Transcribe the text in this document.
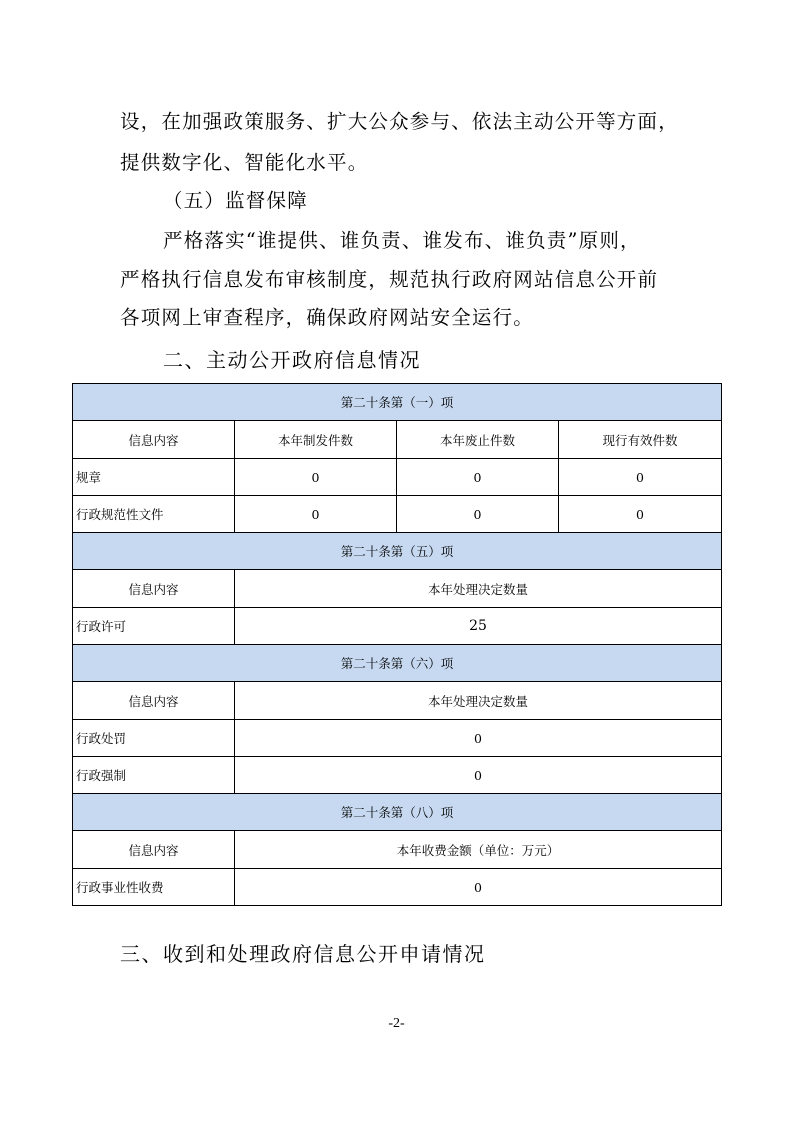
设，在加强政策服务、扩大公众参与、依法主动公开等方面，
提供数字化、智能化水平。
（五）监督保障
严格落实“谁提供、谁负责、谁发布、谁负责”原则，
严格执行信息发布审核制度，规范执行政府网站信息公开前
各项网上审查程序，确保政府网站安全运行。
二、主动公开政府信息情况
第二十条第（一）项			
信息内容	本年制发件数	本年废止件数	现行有效件数
规章	0	0	0
行政规范性文件	0	0	0
第二十条第（五）项			
信息内容	本年处理决定数量		
行政许可	25		
第二十条第（六）项			
信息内容	本年处理决定数量		
行政处罚	0		
行政强制	0		
第二十条第（八）项			
信息内容	本年收费金额（单位：万元）		
行政事业性收费	0		
三、收到和处理政府信息公开申请情况
-2-
